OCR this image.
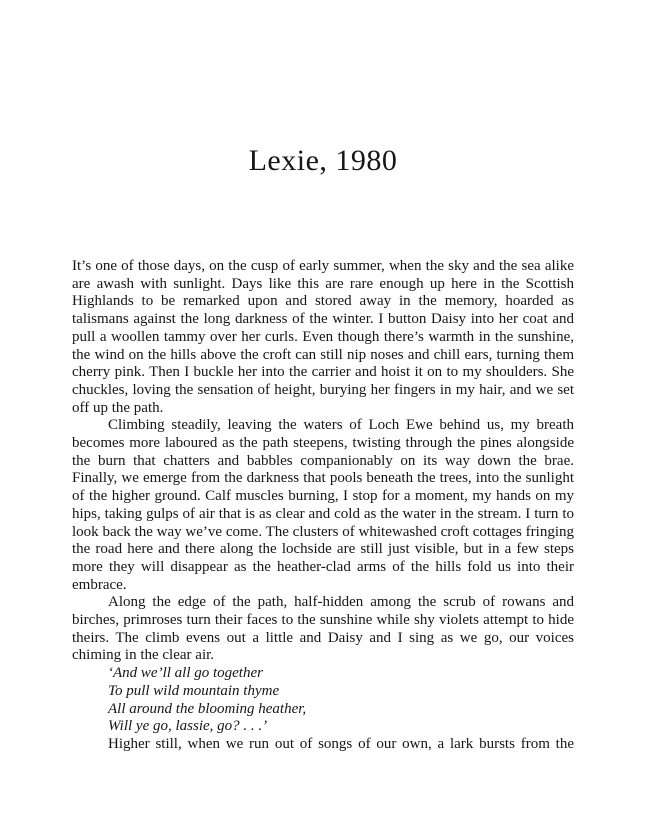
Lexie, 1980

It’s one of those days, on the cusp of early summer, when the sky and the sea alike are awash with sunlight. Days like this are rare enough up here in the Scottish Highlands to be remarked upon and stored away in the memory, hoarded as talismans against the long darkness of the winter. I button Daisy into her coat and pull a woollen tammy over her curls. Even though there’s warmth in the sunshine, the wind on the hills above the croft can still nip noses and chill ears, turning them cherry pink. Then I buckle her into the carrier and hoist it on to my shoulders. She chuckles, loving the sensation of height, burying her fingers in my hair, and we set off up the path.

Climbing steadily, leaving the waters of Loch Ewe behind us, my breath becomes more laboured as the path steepens, twisting through the pines alongside the burn that chatters and babbles companionably on its way down the brae. Finally, we emerge from the darkness that pools beneath the trees, into the sunlight of the higher ground. Calf muscles burning, I stop for a moment, my hands on my hips, taking gulps of air that is as clear and cold as the water in the stream. I turn to look back the way we’ve come. The clusters of whitewashed croft cottages fringing the road here and there along the lochside are still just visible, but in a few steps more they will disappear as the heather-clad arms of the hills fold us into their embrace.

Along the edge of the path, half-hidden among the scrub of rowans and birches, primroses turn their faces to the sunshine while shy violets attempt to hide theirs. The climb evens out a little and Daisy and I sing as we go, our voices chiming in the clear air.

‘And we’ll all go together
To pull wild mountain thyme
All around the blooming heather,
Will ye go, lassie, go? . . .’

Higher still, when we run out of songs of our own, a lark bursts from the
